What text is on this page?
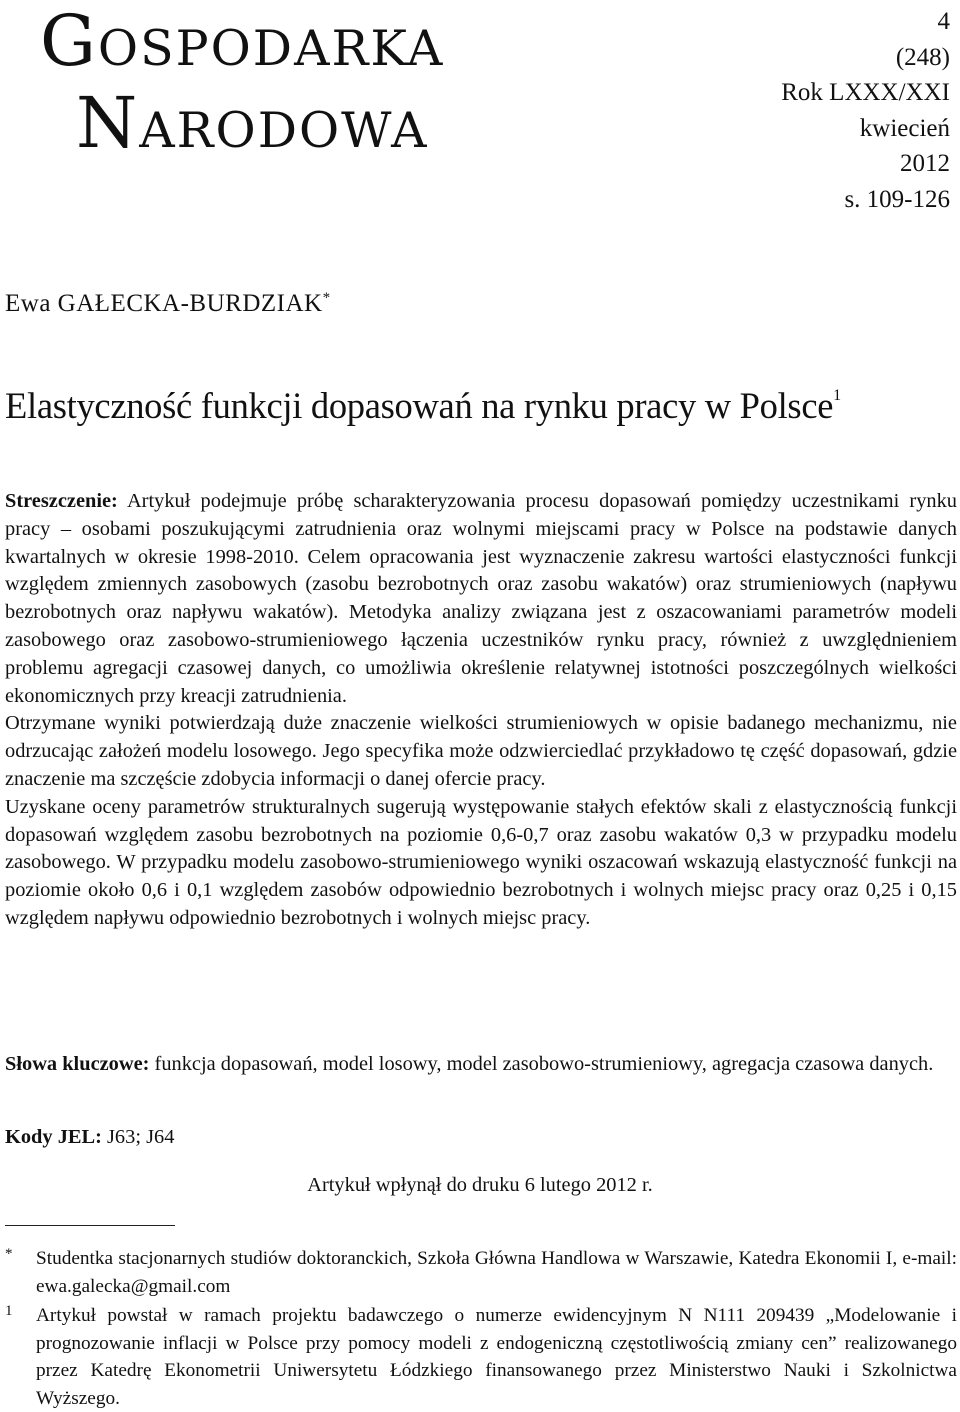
Gospodarka
Narodowa
4
(248)
Rok LXXX/XXI
kwiecień
2012
s. 109-126
Ewa GAŁECKA-BURDZIAK*
Elastyczność funkcji dopasowań na rynku pracy w Polsce$^1$

Streszczenie: Artykuł podejmuje próbę scharakteryzowania procesu dopasowań pomiędzy uczestnikami rynku pracy – osobami poszukującymi zatrudnienia oraz wolnymi miejscami pracy w Polsce na podstawie danych kwartalnych w okresie 1998-2010. Celem opracowania jest wyznaczenie zakresu wartości elastyczności funkcji względem zmiennych zasobowych (zasobu bezrobotnych oraz zasobu wakatów) oraz strumieniowych (napływu bezrobotnych oraz napływu wakatów). Metodyka analizy związana jest z oszacowaniami parametrów modeli zasobowego oraz zasobowo-strumieniowego łączenia uczestników rynku pracy, również z uwzględnieniem problemu agregacji czasowej danych, co umożliwia określenie relatywnej istotności poszczególnych wielkości ekonomicznych przy kreacji zatrudnienia.

Otrzymane wyniki potwierdzają duże znaczenie wielkości strumieniowych w opisie badanego mechanizmu, nie odrzucając założeń modelu losowego. Jego specyfika może odzwierciedlać przykładowo tę część dopasowań, gdzie znaczenie ma szczęście zdobycia informacji o danej ofercie pracy.

Uzyskane oceny parametrów strukturalnych sugerują występowanie stałych efektów skali z elastycznością funkcji dopasowań względem zasobu bezrobotnych na poziomie 0,6-0,7 oraz zasobu wakatów 0,3 w przypadku modelu zasobowego. W przypadku modelu zasobowo-strumieniowego wyniki oszacowań wskazują elastyczność funkcji na poziomie około 0,6 i 0,1 względem zasobów odpowiednio bezrobotnych i wolnych miejsc pracy oraz 0,25 i 0,15 względem napływu odpowiednio bezrobotnych i wolnych miejsc pracy.

Słowa kluczowe: funkcja dopasowań, model losowy, model zasobowo-strumieniowy, agregacja czasowa danych.

Kody JEL: J63; J64
Artykuł wpłynął do druku 6 lutego 2012 r.
* Studentka stacjonarnych studiów doktoranckich, Szkoła Główna Handlowa w Warszawie, Katedra Ekonomii I, e-mail: ewa.galecka@gmail.com
1 Artykuł powstał w ramach projektu badawczego o numerze ewidencyjnym N N111 209439 „Modelowanie i prognozowanie inflacji w Polsce przy pomocy modeli z endogeniczną częstotliwością zmiany cen” realizowanego przez Katedrę Ekonometrii Uniwersytetu Łódzkiego finansowanego przez Ministerstwo Nauki i Szkolnictwa Wyższego.
